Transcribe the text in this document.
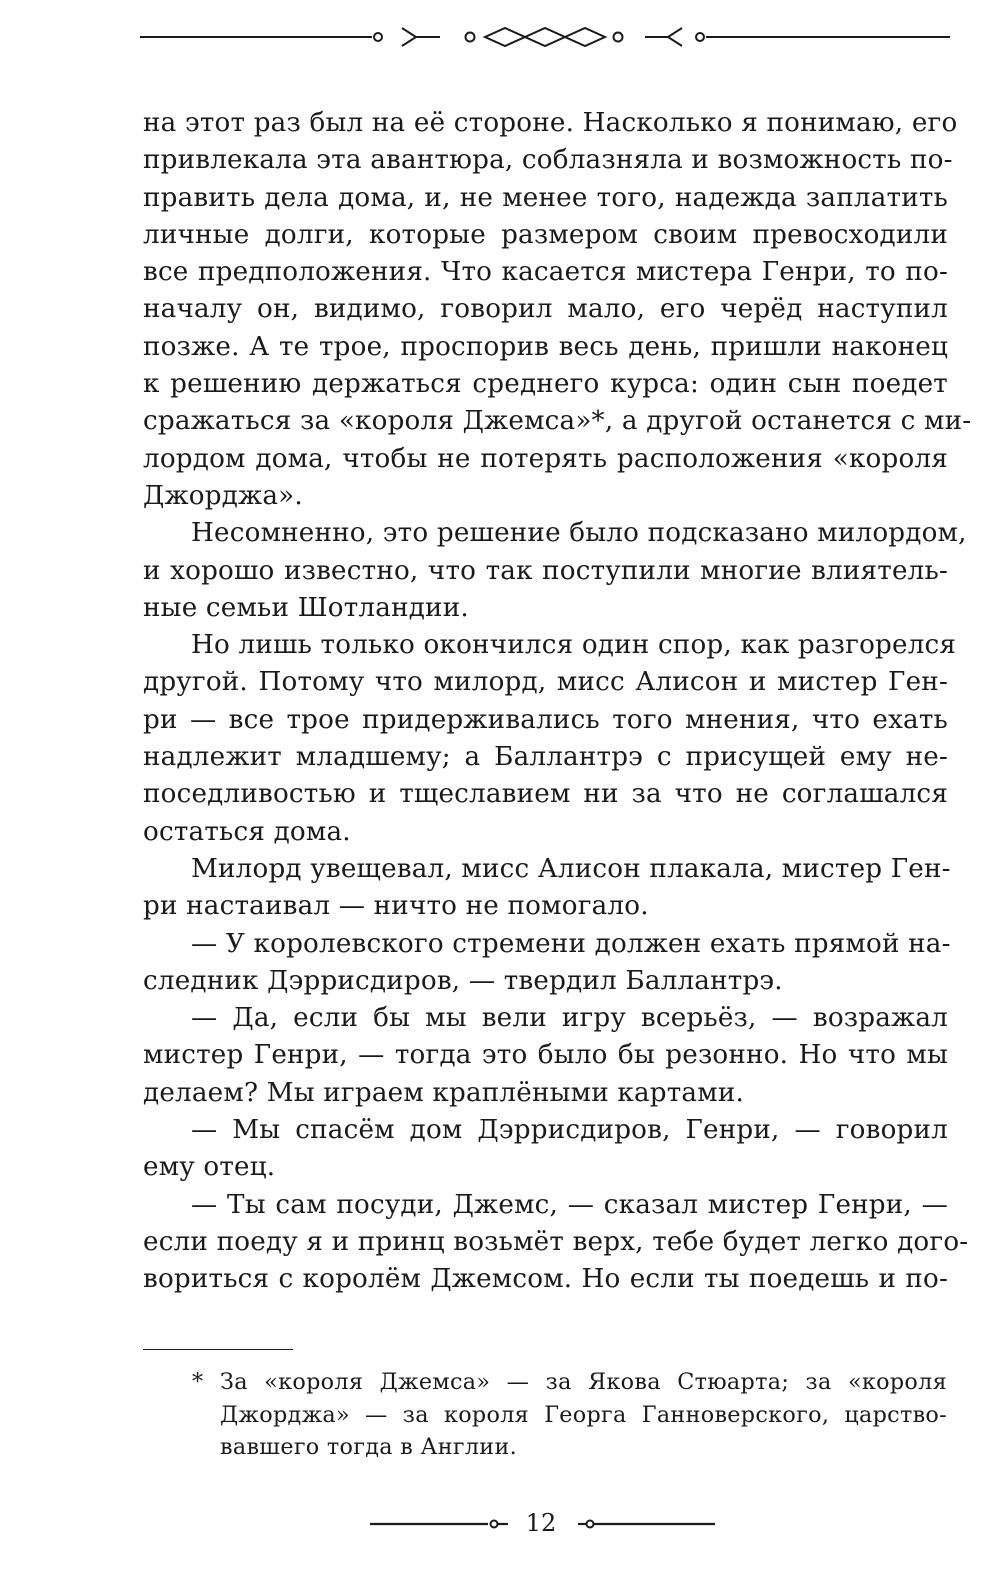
на этот раз был на её стороне. Насколько я понимаю, его
привлекала эта авантюра, соблазняла и возможность по-
править дела дома, и, не менее того, надежда заплатить
личные долги, которые размером своим превосходили
все предположения. Что касается мистера Генри, то по-
началу он, видимо, говорил мало, его черёд наступил
позже. А те трое, проспорив весь день, пришли наконец
к решению держаться среднего курса: один сын поедет
сражаться за «короля Джемса»*, а другой останется с ми-
лордом дома, чтобы не потерять расположения «короля
Джорджа».

Несомненно, это решение было подсказано милордом,
и хорошо известно, что так поступили многие влиятель-
ные семьи Шотландии.

Но лишь только окончился один спор, как разгорелся
другой. Потому что милорд, мисс Алисон и мистер Ген-
ри — все трое придерживались того мнения, что ехать
надлежит младшему; а Баллантрэ с присущей ему не-
поседливостью и тщеславием ни за что не соглашался
остаться дома.

Милорд увещевал, мисс Алисон плакала, мистер Ген-
ри настаивал — ничто не помогало.

— У королевского стремени должен ехать прямой на-
следник Дэррисдиров, — твердил Баллантрэ.

— Да, если бы мы вели игру всерьёз, — возражал
мистер Генри, — тогда это было бы резонно. Но что мы
делаем? Мы играем краплёными картами.

— Мы спасём дом Дэррисдиров, Генри, — говорил
ему отец.

— Ты сам посуди, Джемс, — сказал мистер Генри, —
если поеду я и принц возьмёт верх, тебе будет легко дого-
вориться с королём Джемсом. Но если ты поедешь и по-

* За «короля Джемса» — за Якова Стюарта; за «короля
Джорджа» — за короля Георга Ганноверского, царство-
вавшего тогда в Англии.
12
